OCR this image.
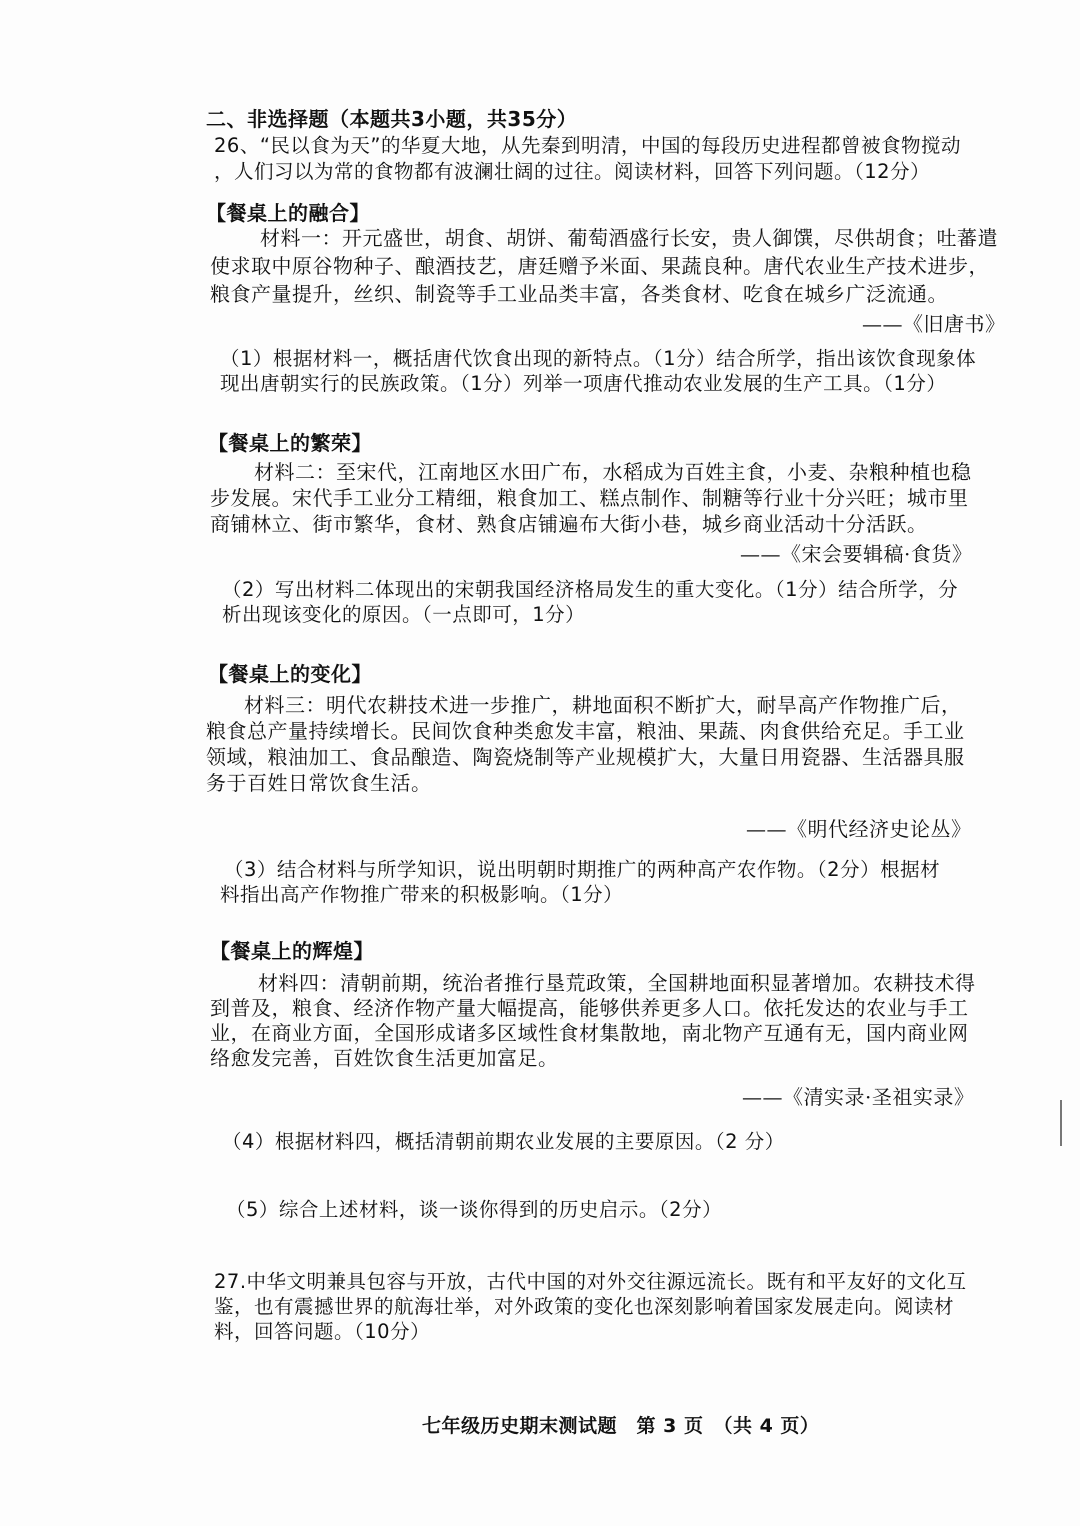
二、非选择题（本题共3小题，共35分）
26、“民以食为天”的华夏大地，从先秦到明清，中国的每段历史进程都曾被食物搅动
，人们习以为常的食物都有波澜壮阔的过往。阅读材料，回答下列问题。（12分）
【餐桌上的融合】
材料一：开元盛世，胡食、胡饼、葡萄酒盛行长安，贵人御馔，尽供胡食；吐蕃遣
使求取中原谷物种子、酿酒技艺，唐廷赠予米面、果蔬良种。唐代农业生产技术进步，
粮食产量提升，丝织、制瓷等手工业品类丰富，各类食材、吃食在城乡广泛流通。
——《旧唐书》
（1）根据材料一，概括唐代饮食出现的新特点。（1分）结合所学，指出该饮食现象体
现出唐朝实行的民族政策。（1分）列举一项唐代推动农业发展的生产工具。（1分）
【餐桌上的繁荣】
材料二：至宋代，江南地区水田广布，水稻成为百姓主食，小麦、杂粮种植也稳
步发展。宋代手工业分工精细，粮食加工、糕点制作、制糖等行业十分兴旺；城市里
商铺林立、街市繁华，食材、熟食店铺遍布大街小巷，城乡商业活动十分活跃。
——《宋会要辑稿·食货》
（2）写出材料二体现出的宋朝我国经济格局发生的重大变化。（1分）结合所学，分
析出现该变化的原因。（一点即可，1分）
【餐桌上的变化】
材料三：明代农耕技术进一步推广，耕地面积不断扩大，耐旱高产作物推广后，
粮食总产量持续增长。民间饮食种类愈发丰富，粮油、果蔬、肉食供给充足。手工业
领域，粮油加工、食品酿造、陶瓷烧制等产业规模扩大，大量日用瓷器、生活器具服
务于百姓日常饮食生活。
——《明代经济史论丛》
（3）结合材料与所学知识，说出明朝时期推广的两种高产农作物。（2分）根据材
料指出高产作物推广带来的积极影响。（1分）
【餐桌上的辉煌】
材料四：清朝前期，统治者推行垦荒政策，全国耕地面积显著增加。农耕技术得
到普及，粮食、经济作物产量大幅提高，能够供养更多人口。依托发达的农业与手工
业，在商业方面，全国形成诸多区域性食材集散地，南北物产互通有无，国内商业网
络愈发完善，百姓饮食生活更加富足。
——《清实录·圣祖实录》
（4）根据材料四，概括清朝前期农业发展的主要原因。（2 分）
（5）综合上述材料，谈一谈你得到的历史启示。（2分）
27.中华文明兼具包容与开放，古代中国的对外交往源远流长。既有和平友好的文化互
鉴，也有震撼世界的航海壮举，对外政策的变化也深刻影响着国家发展走向。阅读材
料，回答问题。（10分）
七年级历史期末测试题　第 3 页　（共 4 页）
